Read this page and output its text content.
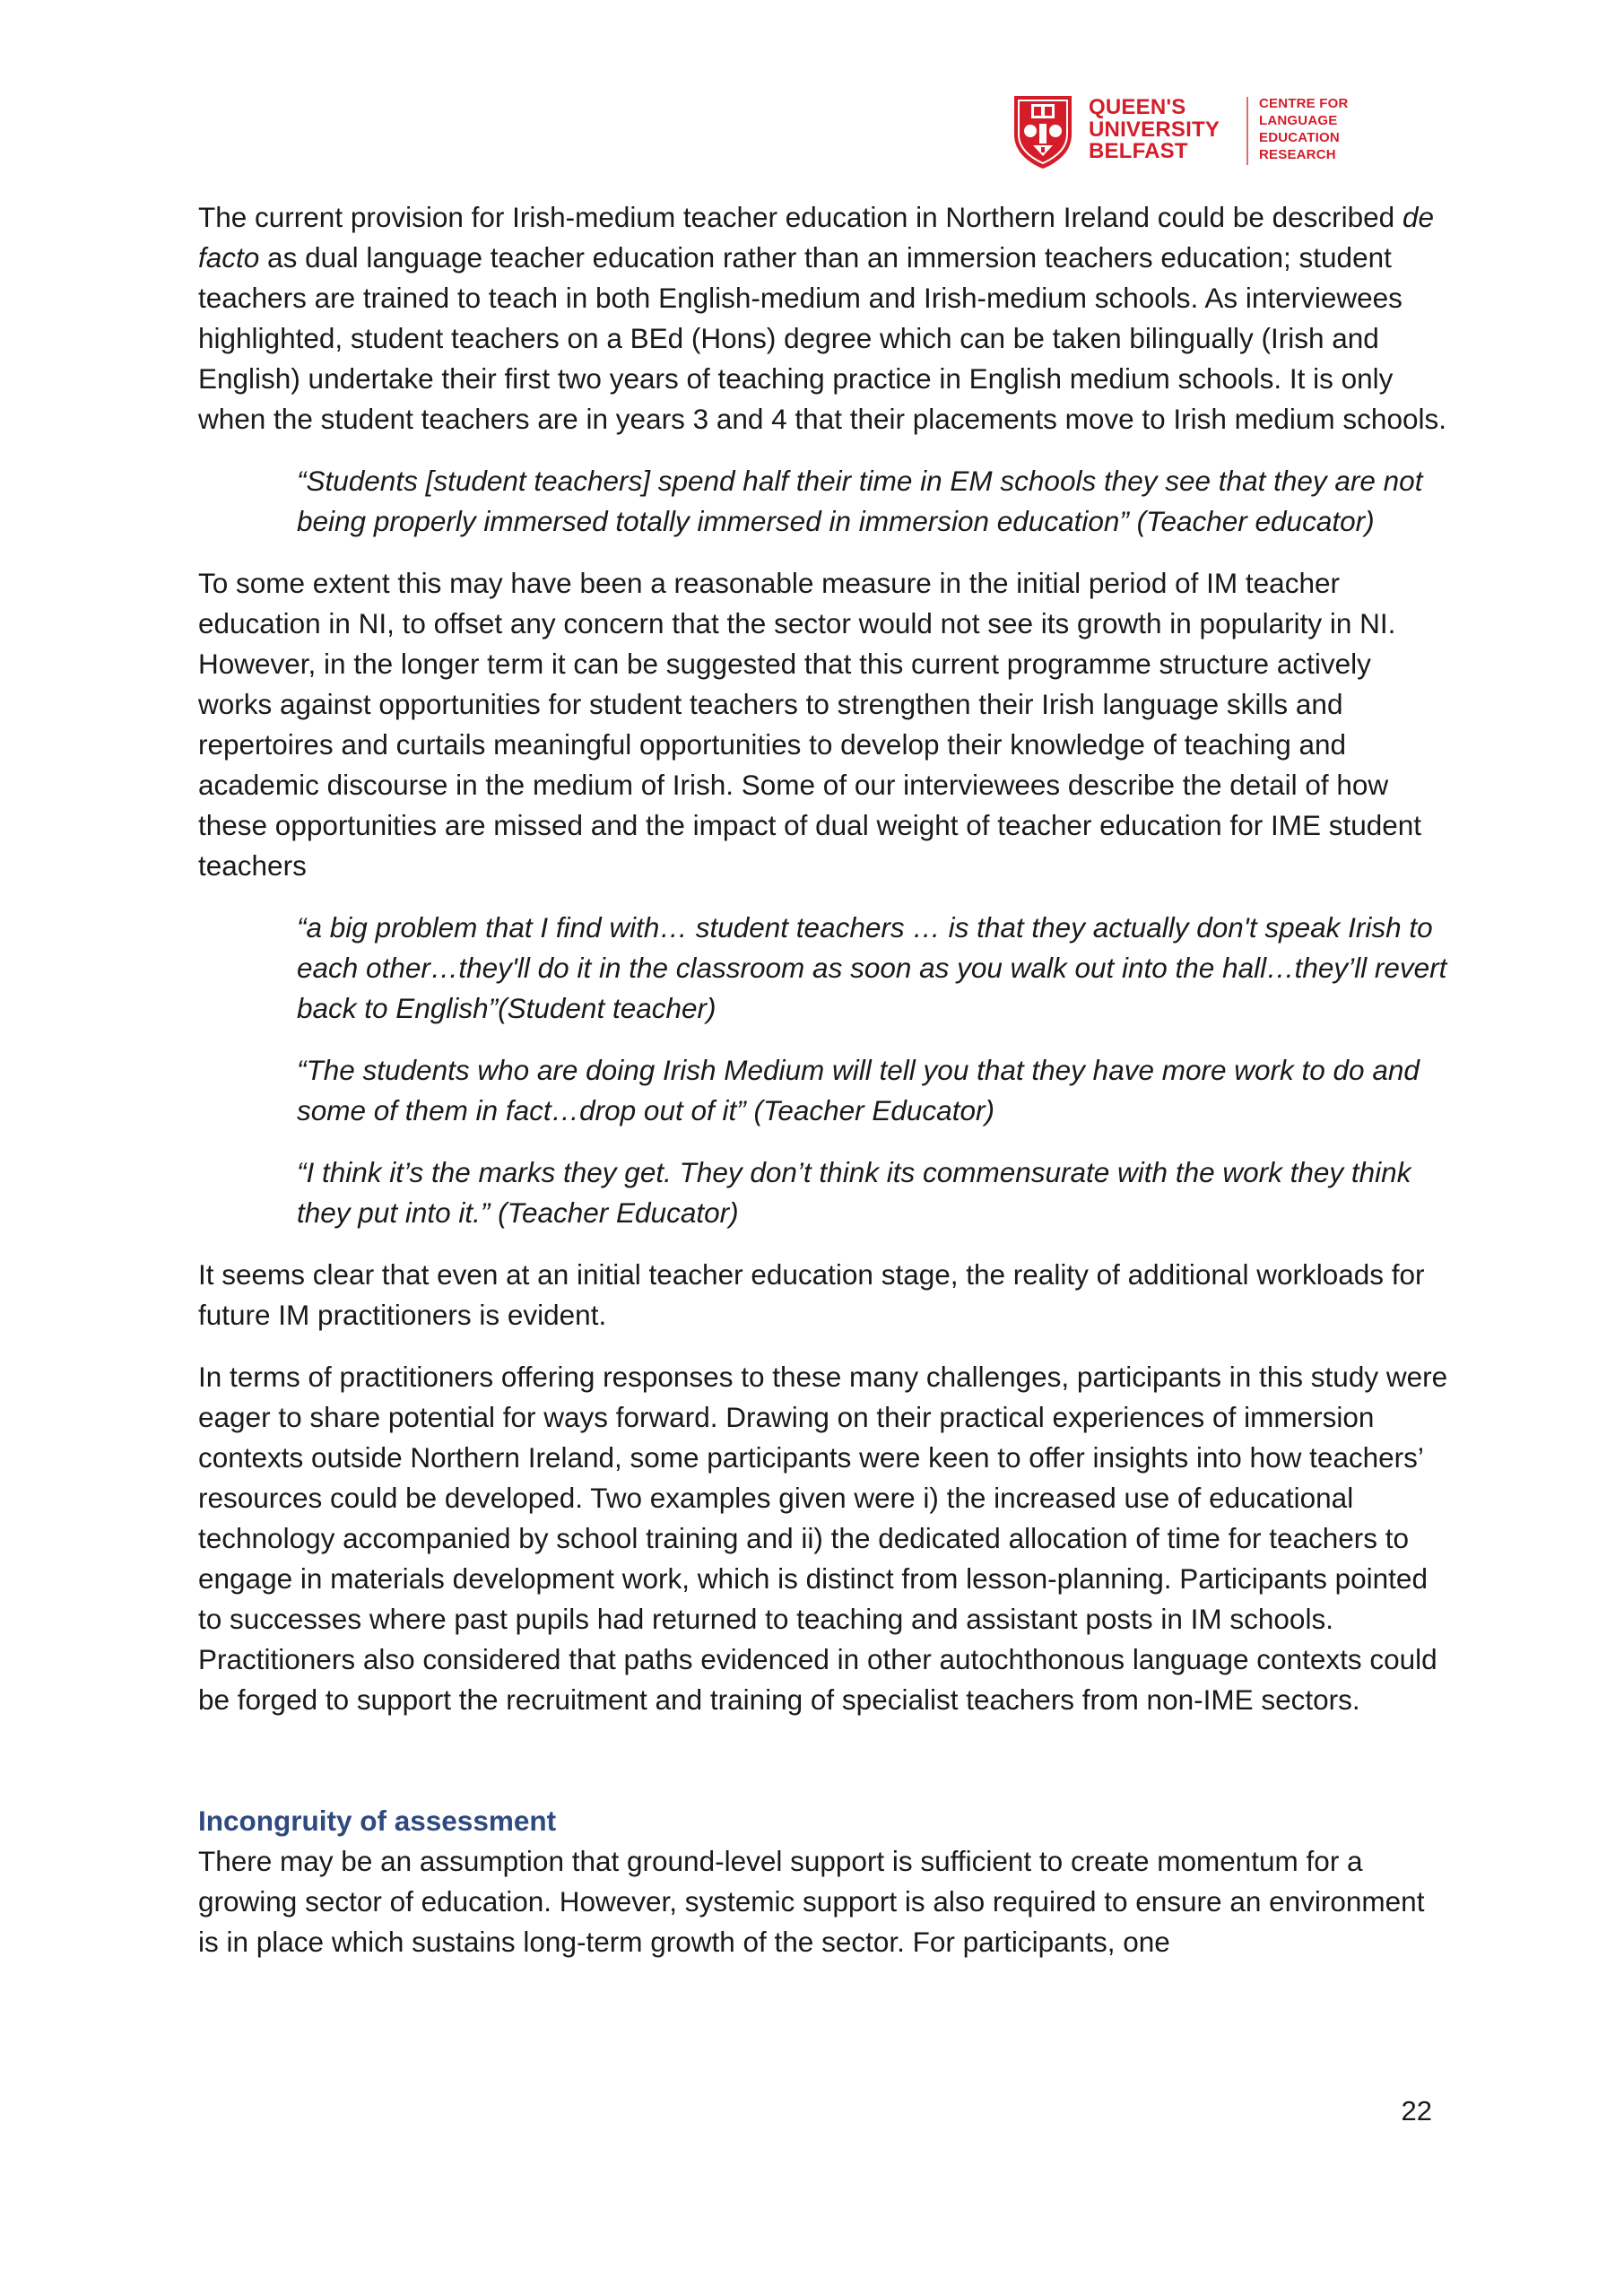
QUEEN'S
UNIVERSITY
BELFAST
CENTRE FOR
LANGUAGE
EDUCATION
RESEARCH

The current provision for Irish-medium teacher education in Northern Ireland could be described de facto as dual language teacher education rather than an immersion teachers education; student teachers are trained to teach in both English-medium and Irish-medium schools. As interviewees highlighted, student teachers on a BEd (Hons) degree which can be taken bilingually (Irish and English) undertake their first two years of teaching practice in English medium schools. It is only when the student teachers are in years 3 and 4 that their placements move to Irish medium schools.

“Students [student teachers] spend half their time in EM schools they see that they are not being properly immersed totally immersed in immersion education” (Teacher educator)

To some extent this may have been a reasonable measure in the initial period of IM teacher education in NI, to offset any concern that the sector would not see its growth in popularity in NI. However, in the longer term it can be suggested that this current programme structure actively works against opportunities for student teachers to strengthen their Irish language skills and repertoires and curtails meaningful opportunities to develop their knowledge of teaching and academic discourse in the medium of Irish. Some of our interviewees describe the detail of how these opportunities are missed and the impact of dual weight of teacher education for IME student teachers

“a big problem that I find with… student teachers … is that they actually don't speak Irish to each other…they'll do it in the classroom as soon as you walk out into the hall…they’ll revert back to English”(Student teacher)

“The students who are doing Irish Medium will tell you that they have more work to do and some of them in fact…drop out of it” (Teacher Educator)

“I think it’s the marks they get. They don’t think its commensurate with the work they think they put into it.” (Teacher Educator)

It seems clear that even at an initial teacher education stage, the reality of additional workloads for future IM practitioners is evident.

In terms of practitioners offering responses to these many challenges, participants in this study were eager to share potential for ways forward. Drawing on their practical experiences of immersion contexts outside Northern Ireland, some participants were keen to offer insights into how teachers’ resources could be developed. Two examples given were i) the increased use of educational technology accompanied by school training and ii) the dedicated allocation of time for teachers to engage in materials development work, which is distinct from lesson-planning. Participants pointed to successes where past pupils had returned to teaching and assistant posts in IM schools. Practitioners also considered that paths evidenced in other autochthonous language contexts could be forged to support the recruitment and training of specialist teachers from non-IME sectors.

Incongruity of assessment

There may be an assumption that ground-level support is sufficient to create momentum for a growing sector of education. However, systemic support is also required to ensure an environment is in place which sustains long-term growth of the sector. For participants, one

22
